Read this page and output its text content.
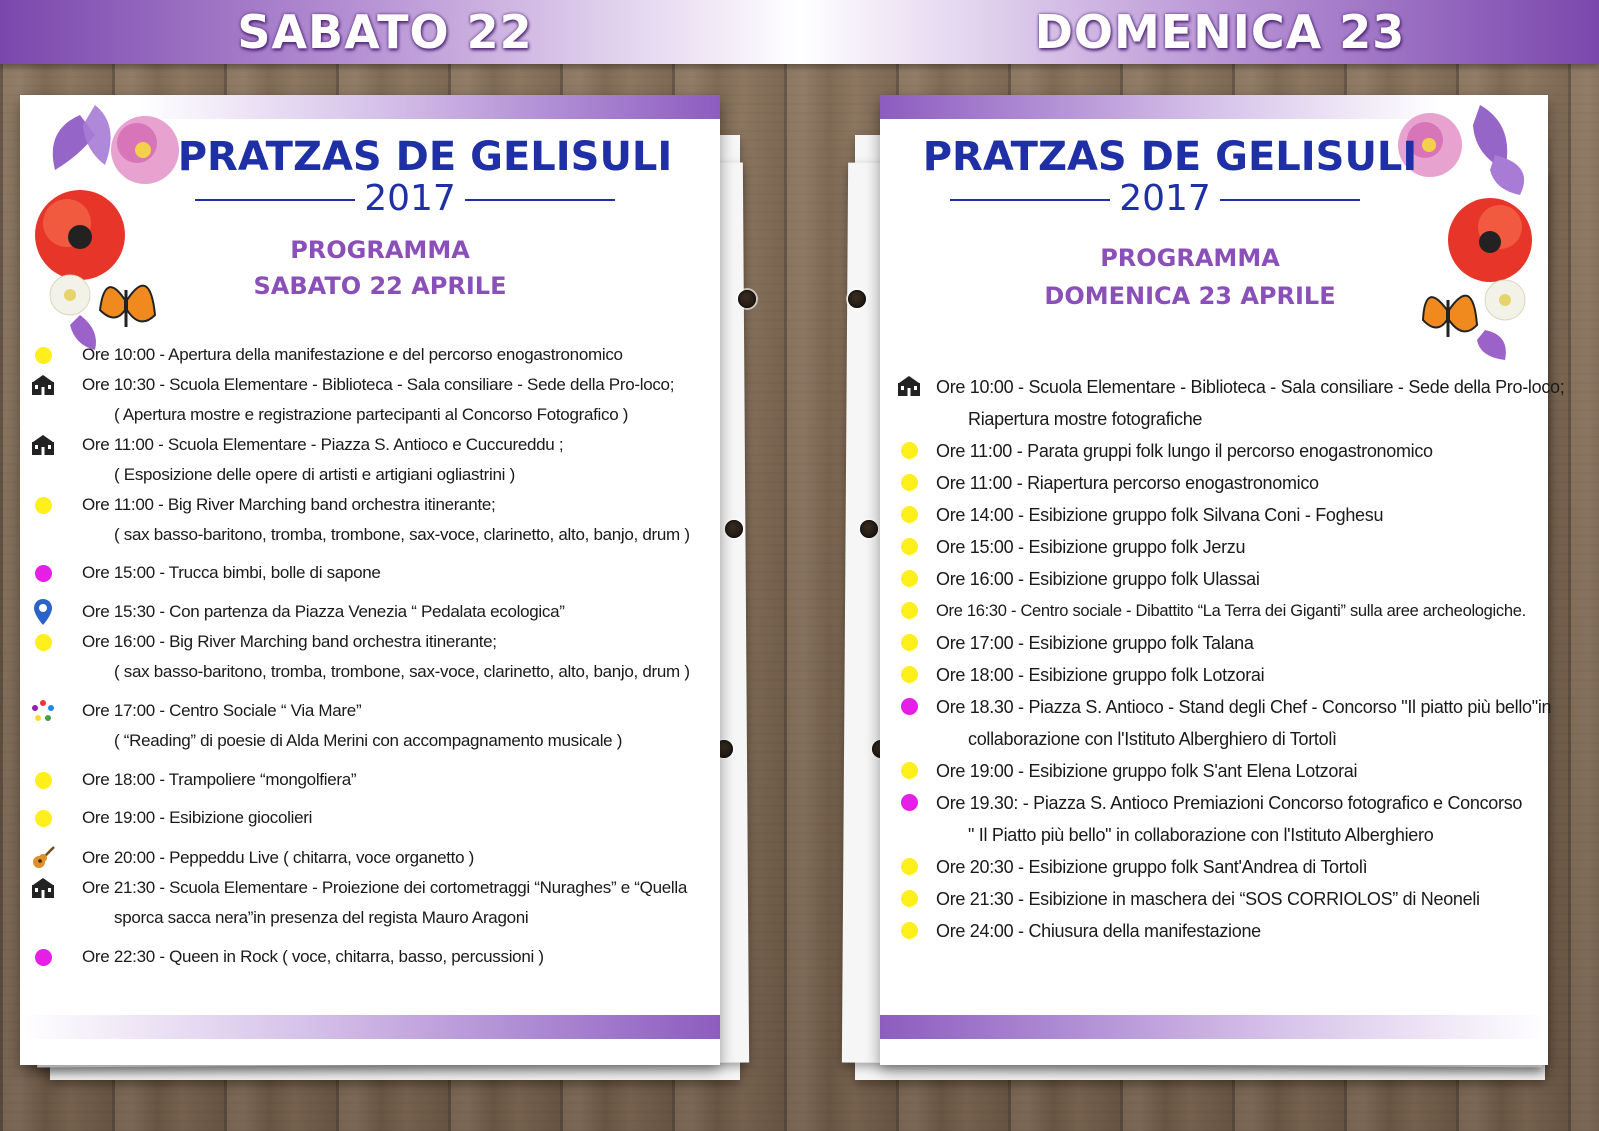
SABATO 22	DOMENICA 23
PRATZAS DE GELISULI
2017
PROGRAMMA
SABATO 22 APRILE
Ore 10:00 - Apertura della manifestazione e del percorso enogastronomico
Ore 10:30 - Scuola Elementare - Biblioteca - Sala consiliare - Sede della Pro-loco;
( Apertura mostre e registrazione partecipanti al Concorso Fotografico )
Ore 11:00 - Scuola Elementare - Piazza S. Antioco e Cuccureddu ;
( Esposizione delle opere di artisti e artigiani ogliastrini )
Ore 11:00 - Big River Marching band orchestra itinerante;
( sax basso-baritono, tromba, trombone, sax-voce, clarinetto, alto, banjo, drum )
Ore 15:00 - Trucca bimbi, bolle di sapone
Ore 15:30 - Con partenza da Piazza Venezia “ Pedalata ecologica”
Ore 16:00 - Big River Marching band orchestra itinerante;
( sax basso-baritono, tromba, trombone, sax-voce, clarinetto, alto, banjo, drum )
Ore 17:00 - Centro Sociale “ Via Mare”
( “Reading” di poesie di Alda Merini con accompagnamento musicale )
Ore 18:00 - Trampoliere “mongolfiera”
Ore 19:00 - Esibizione giocolieri
Ore 20:00 - Peppeddu Live ( chitarra, voce organetto )
Ore 21:30 - Scuola Elementare - Proiezione dei cortometraggi “Nuraghes” e “Quella
sporca sacca nera”in presenza del regista Mauro Aragoni
Ore 22:30 - Queen in Rock ( voce, chitarra, basso, percussioni )
PRATZAS DE GELISULI
2017
PROGRAMMA
DOMENICA 23 APRILE
Ore 10:00 - Scuola Elementare - Biblioteca - Sala consiliare - Sede della Pro-loco;
Riapertura mostre fotografiche
Ore 11:00 - Parata gruppi folk lungo il percorso enogastronomico
Ore 11:00 - Riapertura percorso enogastronomico
Ore 14:00 - Esibizione gruppo folk Silvana Coni - Foghesu
Ore 15:00 - Esibizione gruppo folk Jerzu
Ore 16:00 - Esibizione gruppo folk Ulassai
Ore 16:30 - Centro sociale - Dibattito “La Terra dei Giganti” sulla aree archeologiche.
Ore 17:00 - Esibizione gruppo folk Talana
Ore 18:00 - Esibizione gruppo folk Lotzorai
Ore 18.30 - Piazza S. Antioco - Stand degli Chef - Concorso "Il piatto più bello"in
collaborazione con l'Istituto Alberghiero di Tortolì
Ore 19:00 - Esibizione gruppo folk S'ant Elena Lotzorai
Ore 19.30: - Piazza S. Antioco Premiazioni Concorso fotografico e Concorso
" Il Piatto più bello" in collaborazione con l'Istituto Alberghiero
Ore 20:30 - Esibizione gruppo folk Sant'Andrea di Tortolì
Ore 21:30 - Esibizione in maschera dei “SOS CORRIOLOS” di Neoneli
Ore 24:00 - Chiusura della manifestazione
